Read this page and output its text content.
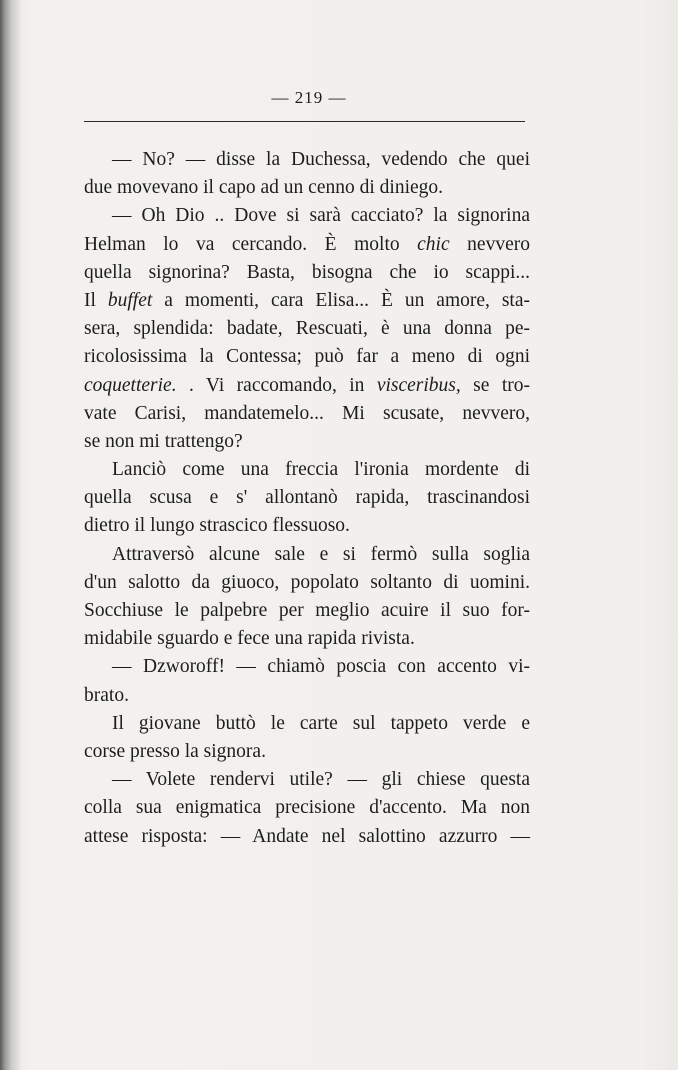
— 219 —
— No? — disse la Duchessa, vedendo che quei
due movevano il capo ad un cenno di diniego.
— Oh Dio .. Dove si sarà cacciato? la signorina
Helman lo va cercando. È molto chic nevvero
quella signorina? Basta, bisogna che io scappi...
Il buffet a momenti, cara Elisa... È un amore, sta-
sera, splendida: badate, Rescuati, è una donna pe-
ricolosissima la Contessa; può far a meno di ogni
coquetterie. . Vi raccomando, in visceribus, se tro-
vate Carisi, mandatemelo... Mi scusate, nevvero,
se non mi trattengo?
Lanciò come una freccia l'ironia mordente di
quella scusa e s' allontanò rapida, trascinandosi
dietro il lungo strascico flessuoso.
Attraversò alcune sale e si fermò sulla soglia
d'un salotto da giuoco, popolato soltanto di uomini.
Socchiuse le palpebre per meglio acuire il suo for-
midabile sguardo e fece una rapida rivista.
— Dzworoff! — chiamò poscia con accento vi-
brato.
Il giovane buttò le carte sul tappeto verde e
corse presso la signora.
— Volete rendervi utile? — gli chiese questa
colla sua enigmatica precisione d'accento. Ma non
attese risposta: — Andate nel salottino azzurro —
